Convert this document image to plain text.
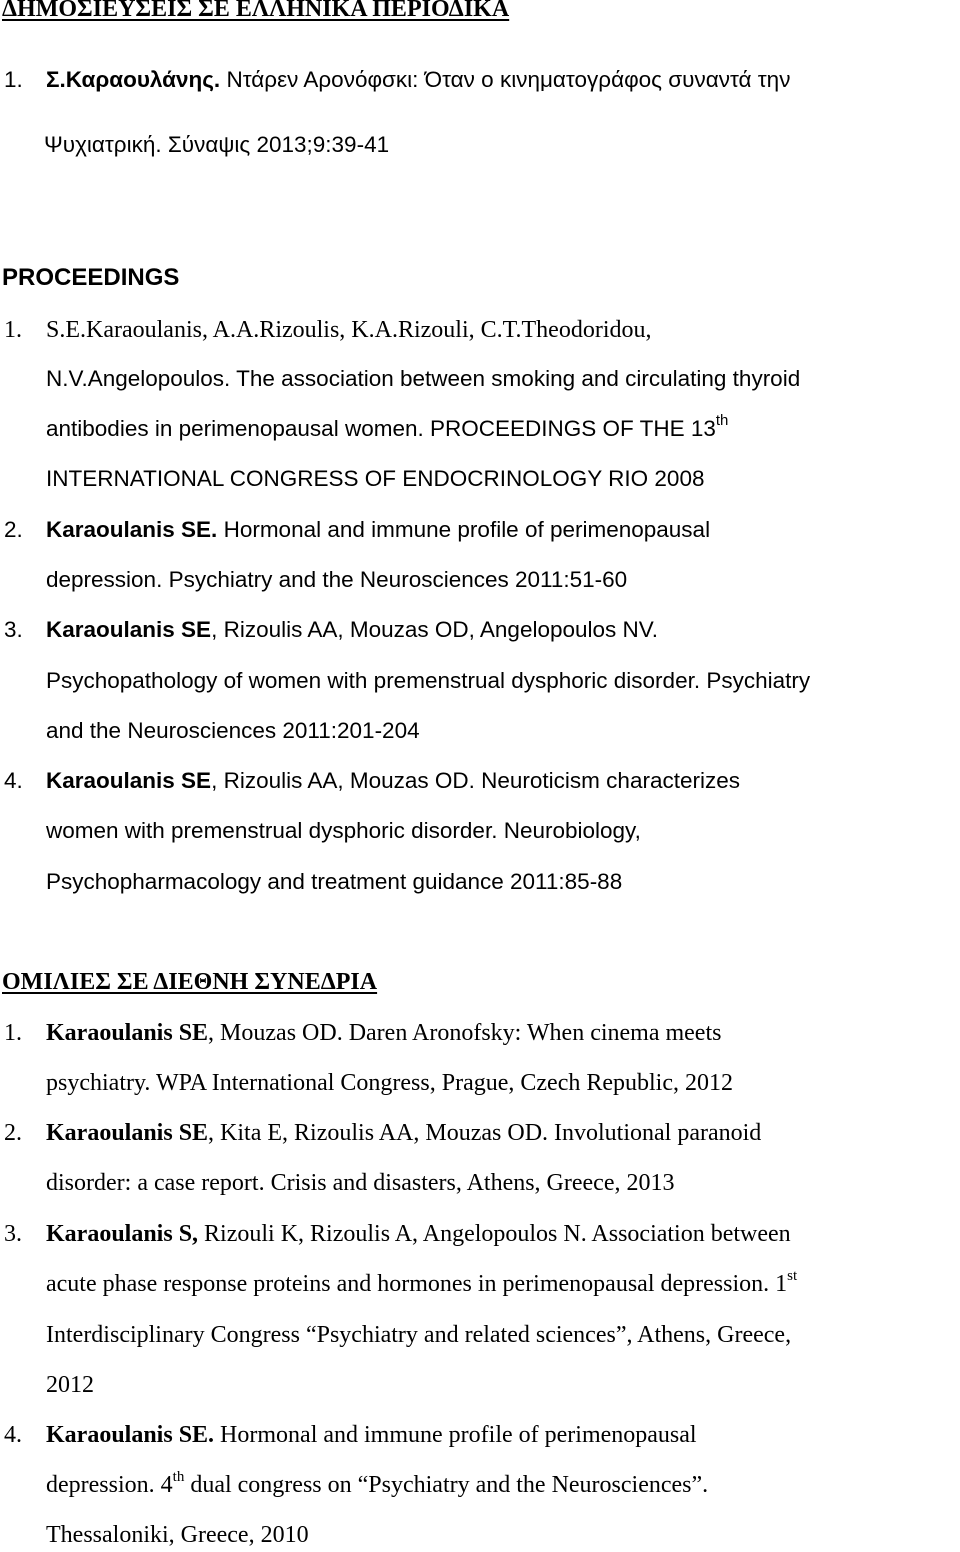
ΔΗΜΟΣΙΕΥΣΕΙΣ ΣΕ ΕΛΛΗΝΙΚΑ ΠΕΡΙΟΔΙΚΑ

1.	Σ.Καραουλάνης. Ντάρεν Αρονόφσκι: Όταν ο κινηματογράφος συναντά την

Ψυχιατρική. Σύναψις 2013;9:39-41

PROCEEDINGS

1.	S.E.Karaoulanis, A.A.Rizoulis, K.A.Rizouli, C.T.Theodoridou,

N.V.Angelopoulos. The association between smoking and circulating thyroid

antibodies in perimenopausal women. PROCEEDINGS OF THE 13th

INTERNATIONAL CONGRESS OF ENDOCRINOLOGY RIO 2008

2.	Karaoulanis SE. Hormonal and immune profile of perimenopausal

depression. Psychiatry and the Neurosciences 2011:51-60

3.	Karaoulanis SE, Rizoulis AA, Mouzas OD, Angelopoulos NV.

Psychopathology of women with premenstrual dysphoric disorder. Psychiatry

and the Neurosciences 2011:201-204

4.	Karaoulanis SE, Rizoulis AA, Mouzas OD. Neuroticism characterizes

women with premenstrual dysphoric disorder. Neurobiology,

Psychopharmacology and treatment guidance 2011:85-88

ΟΜΙΛΙΕΣ ΣΕ ΔΙΕΘΝΗ ΣΥΝΕΔΡΙΑ

1.	Karaoulanis SE, Mouzas OD. Daren Aronofsky: When cinema meets

psychiatry. WPA International Congress, Prague, Czech Republic, 2012

2.	Karaoulanis SE, Kita E, Rizoulis AA, Mouzas OD. Involutional paranoid

disorder: a case report. Crisis and disasters, Athens, Greece, 2013

3.	Karaoulanis S, Rizouli K, Rizoulis A, Angelopoulos N. Association between

acute phase response proteins and hormones in perimenopausal depression. 1st

Interdisciplinary Congress “Psychiatry and related sciences”, Athens, Greece,

2012

4.	Karaoulanis SE. Hormonal and immune profile of perimenopausal

depression. 4th dual congress on “Psychiatry and the Neurosciences”.

Thessaloniki, Greece, 2010
